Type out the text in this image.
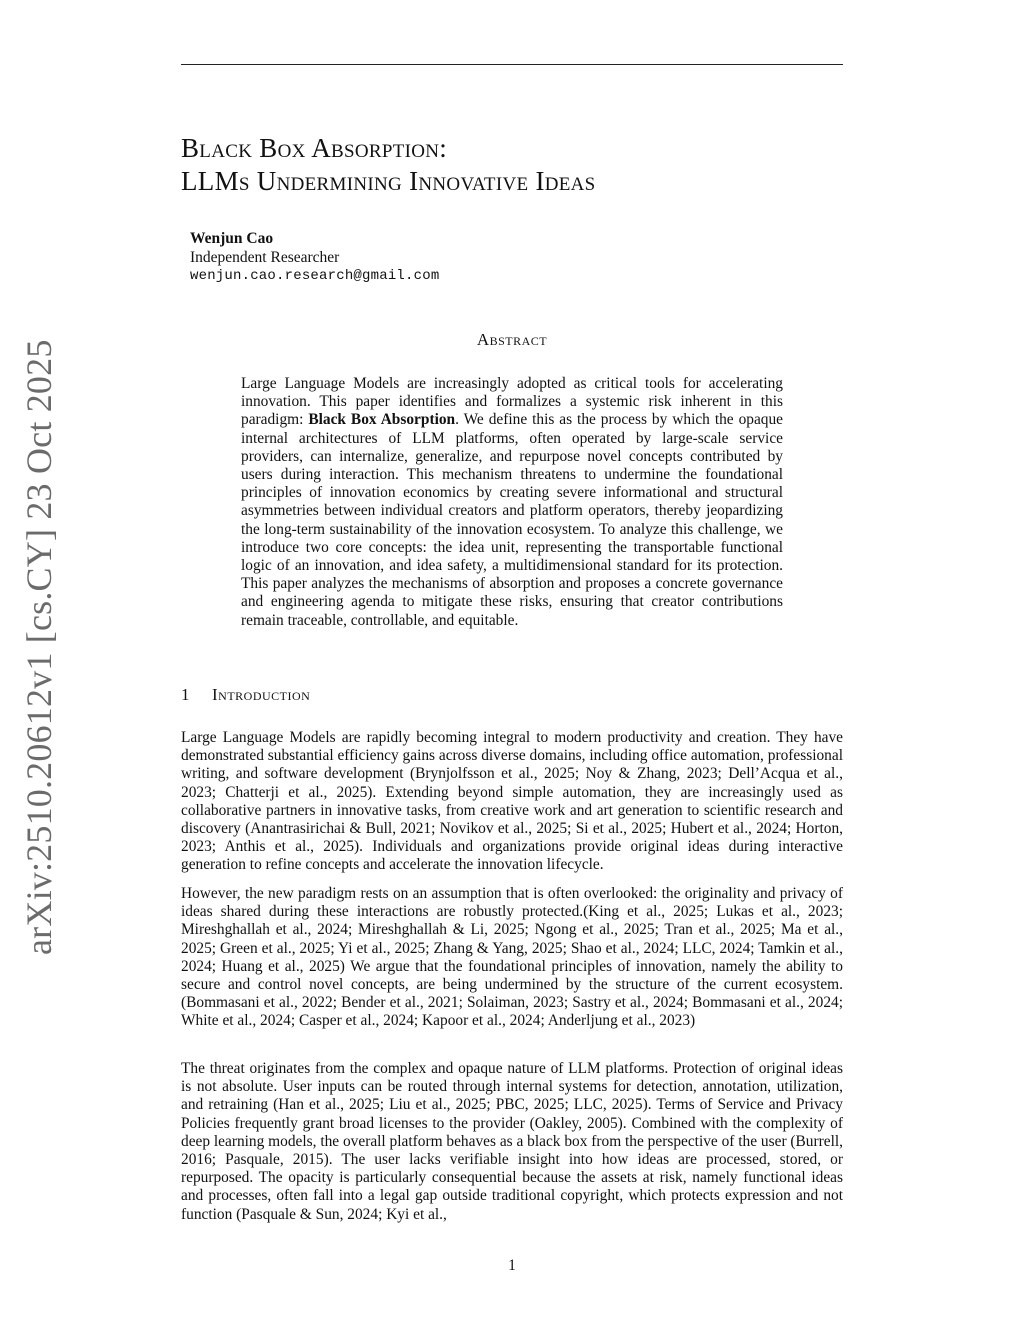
Black Box Absorption:
LLMs Undermining Innovative Ideas
Wenjun Cao
Independent Researcher
wenjun.cao.research@gmail.com
Abstract

Large Language Models are increasingly adopted as critical tools for accelerating innovation. This paper identifies and formalizes a systemic risk inherent in this paradigm: Black Box Absorption. We define this as the process by which the opaque internal architectures of LLM platforms, often operated by large-scale service providers, can internalize, generalize, and repurpose novel concepts contributed by users during interaction. This mechanism threatens to undermine the foundational principles of innovation economics by creating severe informational and structural asymmetries between individual creators and platform operators, thereby jeopardizing the long-term sustainability of the innovation ecosystem. To analyze this challenge, we introduce two core concepts: the idea unit, representing the transportable functional logic of an innovation, and idea safety, a multidimensional standard for its protection. This paper analyzes the mechanisms of absorption and proposes a concrete governance and engineering agenda to mitigate these risks, ensuring that creator contributions remain traceable, controllable, and equitable.

1 Introduction

Large Language Models are rapidly becoming integral to modern productivity and creation. They have demonstrated substantial efficiency gains across diverse domains, including office automation, professional writing, and software development (Brynjolfsson et al., 2025; Noy & Zhang, 2023; Dell’Acqua et al., 2023; Chatterji et al., 2025). Extending beyond simple automation, they are increasingly used as collaborative partners in innovative tasks, from creative work and art generation to scientific research and discovery (Anantrasirichai & Bull, 2021; Novikov et al., 2025; Si et al., 2025; Hubert et al., 2024; Horton, 2023; Anthis et al., 2025). Individuals and organizations provide original ideas during interactive generation to refine concepts and accelerate the innovation lifecycle.

However, the new paradigm rests on an assumption that is often overlooked: the originality and privacy of ideas shared during these interactions are robustly protected.(King et al., 2025; Lukas et al., 2023; Mireshghallah et al., 2024; Mireshghallah & Li, 2025; Ngong et al., 2025; Tran et al., 2025; Ma et al., 2025; Green et al., 2025; Yi et al., 2025; Zhang & Yang, 2025; Shao et al., 2024; LLC, 2024; Tamkin et al., 2024; Huang et al., 2025) We argue that the foundational principles of innovation, namely the ability to secure and control novel concepts, are being undermined by the structure of the current ecosystem.(Bommasani et al., 2022; Bender et al., 2021; Solaiman, 2023; Sastry et al., 2024; Bommasani et al., 2024; White et al., 2024; Casper et al., 2024; Kapoor et al., 2024; Anderljung et al., 2023)

The threat originates from the complex and opaque nature of LLM platforms. Protection of original ideas is not absolute. User inputs can be routed through internal systems for detection, annotation, utilization, and retraining (Han et al., 2025; Liu et al., 2025; PBC, 2025; LLC, 2025). Terms of Service and Privacy Policies frequently grant broad licenses to the provider (Oakley, 2005). Combined with the complexity of deep learning models, the overall platform behaves as a black box from the perspective of the user (Burrell, 2016; Pasquale, 2015). The user lacks verifiable insight into how ideas are processed, stored, or repurposed. The opacity is particularly consequential because the assets at risk, namely functional ideas and processes, often fall into a legal gap outside traditional copyright, which protects expression and not function (Pasquale & Sun, 2024; Kyi et al.,

arXiv:2510.20612v1 [cs.CY] 23 Oct 2025
1
